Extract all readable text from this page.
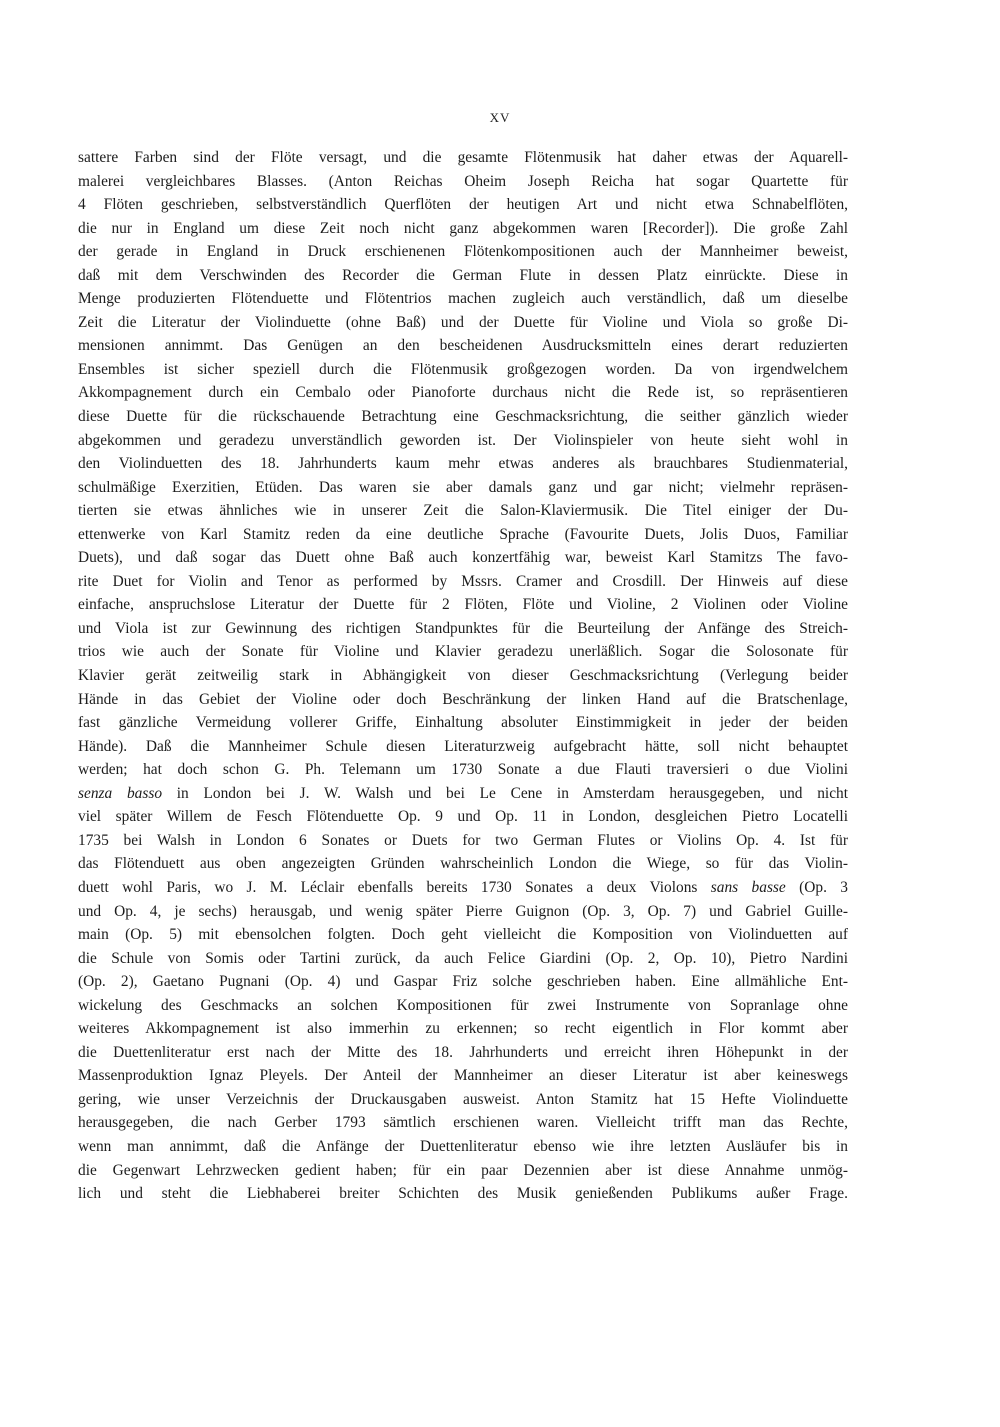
XV
sattere Farben sind der Flöte versagt, und die gesamte Flötenmusik hat daher etwas der Aquarell-
malerei vergleichbares Blasses. (Anton Reichas Oheim Joseph Reicha hat sogar Quartette für
4 Flöten geschrieben, selbstverständlich Querflöten der heutigen Art und nicht etwa Schnabelflöten,
die nur in England um diese Zeit noch nicht ganz abgekommen waren [Recorder]). Die große Zahl
der gerade in England in Druck erschienenen Flötenkompositionen auch der Mannheimer beweist,
daß mit dem Verschwinden des Recorder die German Flute in dessen Platz einrückte. Diese in
Menge produzierten Flötenduette und Flötentrios machen zugleich auch verständlich, daß um dieselbe
Zeit die Literatur der Violinduette (ohne Baß) und der Duette für Violine und Viola so große Di-
mensionen annimmt. Das Genügen an den bescheidenen Ausdrucksmitteln eines derart reduzierten
Ensembles ist sicher speziell durch die Flötenmusik großgezogen worden. Da von irgendwelchem
Akkompagnement durch ein Cembalo oder Pianoforte durchaus nicht die Rede ist, so repräsentieren
diese Duette für die rückschauende Betrachtung eine Geschmacksrichtung, die seither gänzlich wieder
abgekommen und geradezu unverständlich geworden ist. Der Violinspieler von heute sieht wohl in
den Violinduetten des 18. Jahrhunderts kaum mehr etwas anderes als brauchbares Studienmaterial,
schulmäßige Exerzitien, Etüden. Das waren sie aber damals ganz und gar nicht; vielmehr repräsen-
tierten sie etwas ähnliches wie in unserer Zeit die Salon-Klaviermusik. Die Titel einiger der Du-
ettenwerke von Karl Stamitz reden da eine deutliche Sprache (Favourite Duets, Jolis Duos, Familiar
Duets), und daß sogar das Duett ohne Baß auch konzertfähig war, beweist Karl Stamitzs The favo-
rite Duet for Violin and Tenor as performed by Mssrs. Cramer and Crosdill. Der Hinweis auf diese
einfache, anspruchslose Literatur der Duette für 2 Flöten, Flöte und Violine, 2 Violinen oder Violine
und Viola ist zur Gewinnung des richtigen Standpunktes für die Beurteilung der Anfänge des Streich-
trios wie auch der Sonate für Violine und Klavier geradezu unerläßlich. Sogar die Solosonate für
Klavier gerät zeitweilig stark in Abhängigkeit von dieser Geschmacksrichtung (Verlegung beider
Hände in das Gebiet der Violine oder doch Beschränkung der linken Hand auf die Bratschenlage,
fast gänzliche Vermeidung vollerer Griffe, Einhaltung absoluter Einstimmigkeit in jeder der beiden
Hände). Daß die Mannheimer Schule diesen Literaturzweig aufgebracht hätte, soll nicht behauptet
werden; hat doch schon G. Ph. Telemann um 1730 Sonate a due Flauti traversieri o due Violini
senza basso in London bei J. W. Walsh und bei Le Cene in Amsterdam herausgegeben, und nicht
viel später Willem de Fesch Flötenduette Op. 9 und Op. 11 in London, desgleichen Pietro Locatelli
1735 bei Walsh in London 6 Sonates or Duets for two German Flutes or Violins Op. 4. Ist für
das Flötenduett aus oben angezeigten Gründen wahrscheinlich London die Wiege, so für das Violin-
duett wohl Paris, wo J. M. Léclair ebenfalls bereits 1730 Sonates a deux Violons sans basse (Op. 3
und Op. 4, je sechs) herausgab, und wenig später Pierre Guignon (Op. 3, Op. 7) und Gabriel Guille-
main (Op. 5) mit ebensolchen folgten. Doch geht vielleicht die Komposition von Violinduetten auf
die Schule von Somis oder Tartini zurück, da auch Felice Giardini (Op. 2, Op. 10), Pietro Nardini
(Op. 2), Gaetano Pugnani (Op. 4) und Gaspar Friz solche geschrieben haben. Eine allmähliche Ent-
wickelung des Geschmacks an solchen Kompositionen für zwei Instrumente von Sopranlage ohne
weiteres Akkompagnement ist also immerhin zu erkennen; so recht eigentlich in Flor kommt aber
die Duettenliteratur erst nach der Mitte des 18. Jahrhunderts und erreicht ihren Höhepunkt in der
Massenproduktion Ignaz Pleyels. Der Anteil der Mannheimer an dieser Literatur ist aber keineswegs
gering, wie unser Verzeichnis der Druckausgaben ausweist. Anton Stamitz hat 15 Hefte Violinduette
herausgegeben, die nach Gerber 1793 sämtlich erschienen waren. Vielleicht trifft man das Rechte,
wenn man annimmt, daß die Anfänge der Duettenliteratur ebenso wie ihre letzten Ausläufer bis in
die Gegenwart Lehrzwecken gedient haben; für ein paar Dezennien aber ist diese Annahme unmög-
lich und steht die Liebhaberei breiter Schichten des Musik genießenden Publikums außer Frage.
